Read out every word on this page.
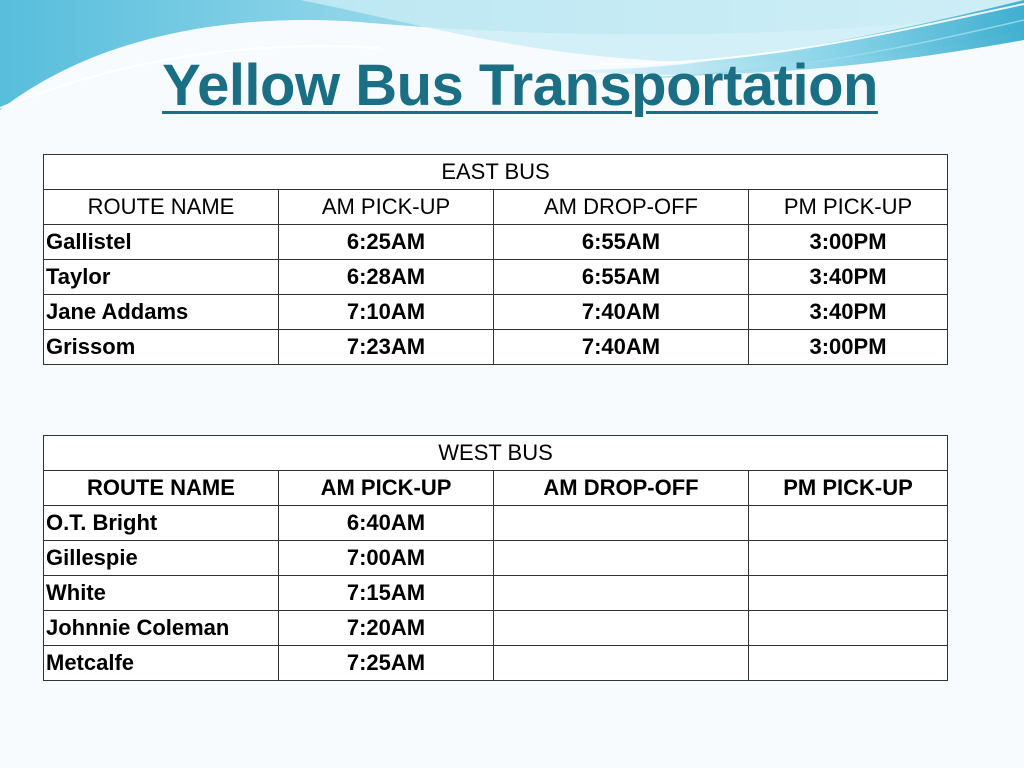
Yellow Bus Transportation
EAST BUS			
ROUTE NAME	AM PICK-UP	AM DROP-OFF	PM PICK-UP
Gallistel	6:25AM	6:55AM	3:00PM
Taylor	6:28AM	6:55AM	3:40PM
Jane Addams	7:10AM	7:40AM	3:40PM
Grissom	7:23AM	7:40AM	3:00PM
WEST BUS			
ROUTE NAME	AM PICK-UP	AM DROP-OFF	PM PICK-UP
O.T. Bright	6:40AM		
Gillespie	7:00AM		
White	7:15AM		
Johnnie Coleman	7:20AM		
Metcalfe	7:25AM		
